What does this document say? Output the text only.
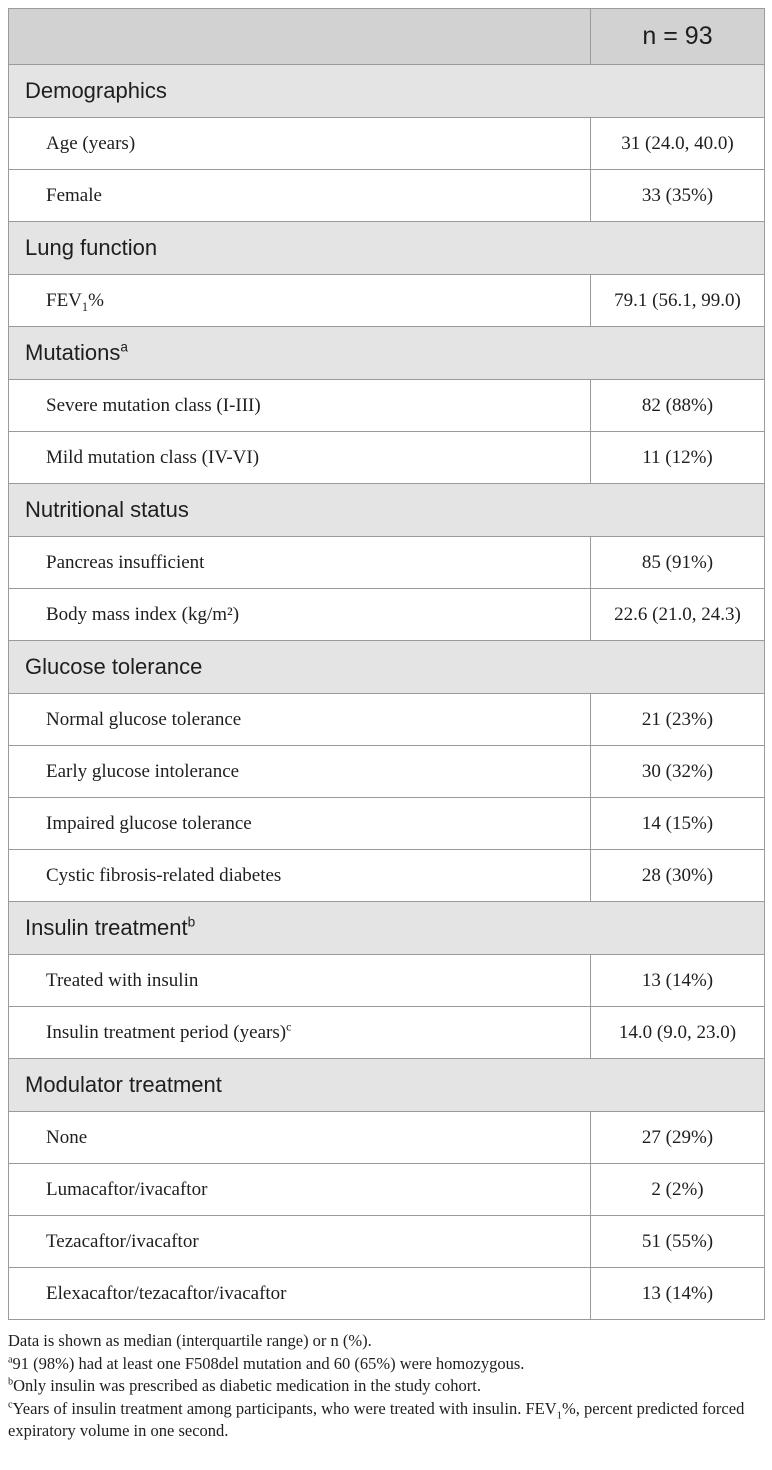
	n = 93
Demographics	
Age (years)	31 (24.0, 40.0)
Female	33 (35%)
Lung function	
$FEV_1\%$	79.1 (56.1, 99.0)
Mutations$^a$
Severe mutation class (I-III)	82 (88%)
Mild mutation class (IV-VI)	11 (12%)
Nutritional status	
Pancreas insufficient	85 (91%)
Body mass index (kg/m²)	22.6 (21.0, 24.3)
Glucose tolerance	
Normal glucose tolerance	21 (23%)
Early glucose intolerance	30 (32%)
Impaired glucose tolerance	14 (15%)
Cystic fibrosis-related diabetes	28 (30%)
Insulin treatment$^b$
Treated with insulin	13 (14%)
Insulin treatment period (years)$^c$	14.0 (9.0, 23.0)
Modulator treatment	
None	27 (29%)
Lumacaftor/ivacaftor	2 (2%)
Tezacaftor/ivacaftor	51 (55%)
Elexacaftor/tezacaftor/ivacaftor	13 (14%)

Data is shown as median (interquartile range) or n (%).

$^a$91 (98%) had at least one F508del mutation and 60 (65%) were homozygous.

$^b$Only insulin was prescribed as diabetic medication in the study cohort.

$^c$Years of insulin treatment among participants, who were treated with insulin. $FEV_1\%$, percent predicted forced expiratory volume in one second.
